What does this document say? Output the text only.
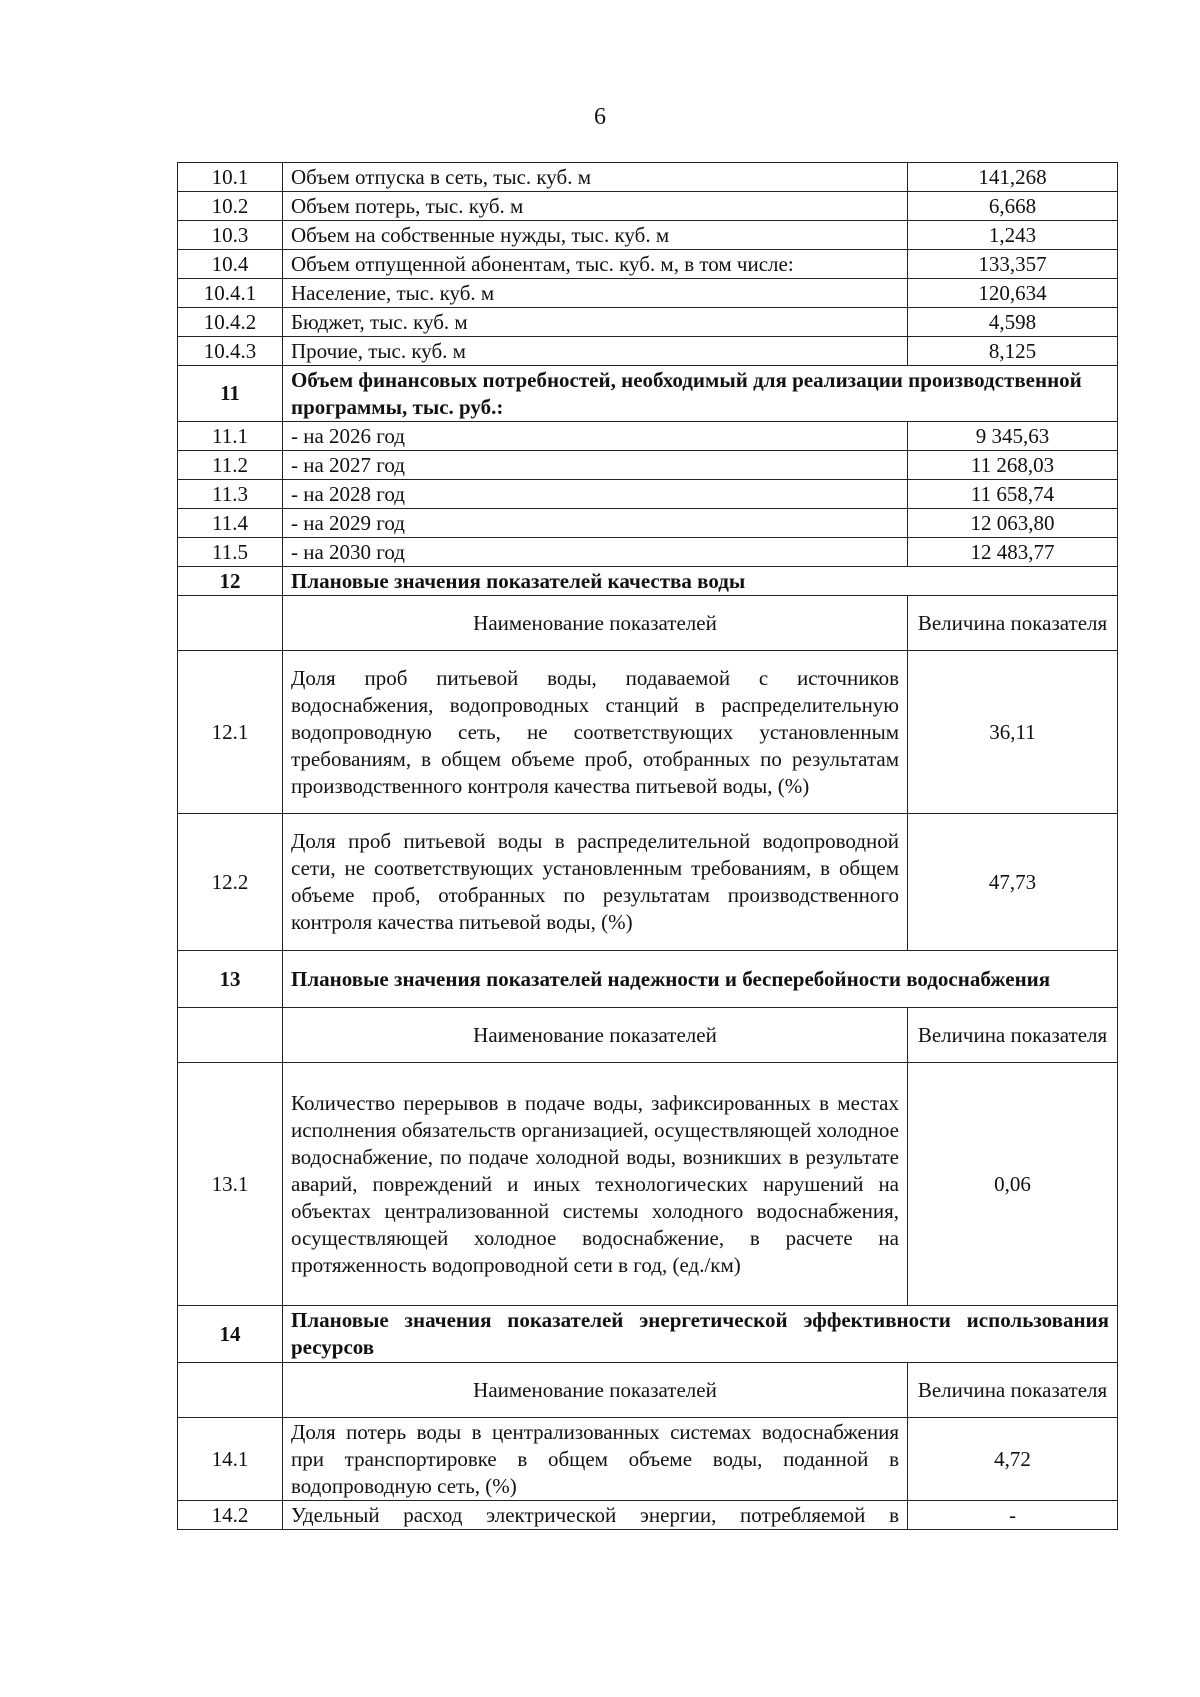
6
10.1	Объем отпуска в сеть, тыс. куб. м	141,268
10.2	Объем потерь, тыс. куб. м	6,668
10.3	Объем на собственные нужды, тыс. куб. м	1,243
10.4	Объем отпущенной абонентам, тыс. куб. м, в том числе:	133,357
10.4.1	Население, тыс. куб. м	120,634
10.4.2	Бюджет, тыс. куб. м	4,598
10.4.3	Прочие, тыс. куб. м	8,125
11	Объем финансовых потребностей, необходимый для реализации производственной программы, тыс. руб.:	
11.1	- на 2026 год	9 345,63
11.2	- на 2027 год	11 268,03
11.3	- на 2028 год	11 658,74
11.4	- на 2029 год	12 063,80
11.5	- на 2030 год	12 483,77
12	Плановые значения показателей качества воды	
	Наименование показателей	Величина показателя
12.1	Доля проб питьевой воды, подаваемой с источников водоснабжения, водопроводных станций в распределительную водопроводную сеть, не соответствующих установленным требованиям, в общем объеме проб, отобранных по результатам производственного контроля качества питьевой воды, (%)	36,11
12.2	Доля проб питьевой воды в распределительной водопроводной сети, не соответствующих установленным требованиям, в общем объеме проб, отобранных по результатам производственного контроля качества питьевой воды, (%)	47,73
13	Плановые значения показателей надежности и бесперебойности водоснабжения	
	Наименование показателей	Величина показателя
13.1	Количество перерывов в подаче воды, зафиксированных в местах исполнения обязательств организацией, осуществляющей холодное водоснабжение, по подаче холодной воды, возникших в результате аварий, повреждений и иных технологических нарушений на объектах централизованной системы холодного водоснабжения, осуществляющей холодное водоснабжение, в расчете на протяженность водопроводной сети в год, (ед./км)	0,06
14	Плановые значения показателей энергетической эффективности использования ресурсов	
	Наименование показателей	Величина показателя
14.1	Доля потерь воды в централизованных системах водоснабжения при транспортировке в общем объеме воды, поданной в водопроводную сеть, (%)	4,72
14.2	Удельный расход электрической энергии, потребляемой в	-
